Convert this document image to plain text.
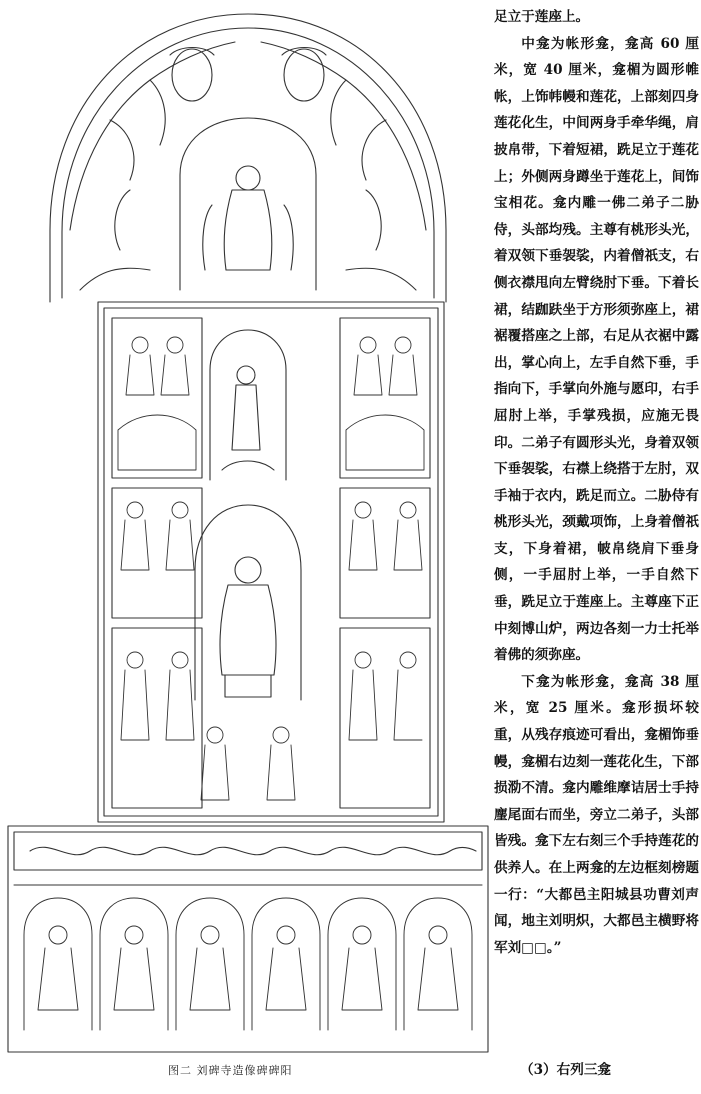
图二 刘碑寺造像碑碑阳

足立于莲座上。

中龛为帐形龛，龛高 60 厘米，宽 40 厘米，龛楣为圆形帷帐，上饰帏幔和莲花，上部刻四身莲花化生，中间两身手牵华绳，肩披帛带，下着短裙，跣足立于莲花上；外侧两身蹲坐于莲花上，间饰宝相花。龛内雕一佛二弟子二胁侍，头部均残。主尊有桃形头光，着双领下垂袈裟，内着僧祇支，右侧衣襟甩向左臂绕肘下垂。下着长裙，结跏趺坐于方形须弥座上，裙裾覆搭座之上部，右足从衣裾中露出，掌心向上，左手自然下垂，手指向下，手掌向外施与愿印，右手屈肘上举，手掌残损，应施无畏印。二弟子有圆形头光，身着双领下垂袈裟，右襟上绕搭于左肘，双手袖于衣内，跣足而立。二胁侍有桃形头光，颈戴项饰，上身着僧祇支，下身着裙，帔帛绕肩下垂身侧，一手屈肘上举，一手自然下垂，跣足立于莲座上。主尊座下正中刻博山炉，两边各刻一力士托举着佛的须弥座。

下龛为帐形龛，龛高 38 厘米，宽 25 厘米。龛形损坏较重，从残存痕迹可看出，龛楣饰垂幔，龛楣右边刻一莲花化生，下部损泐不清。龛内雕维摩诘居士手持麈尾面右而坐，旁立二弟子，头部皆残。龛下左右刻三个手持莲花的供养人。在上两龛的左边框刻榜题一行：“大都邑主阳城县功曹刘声闻，地主刘明炽，大都邑主横野将军刘□□。”

（3）右列三龛
